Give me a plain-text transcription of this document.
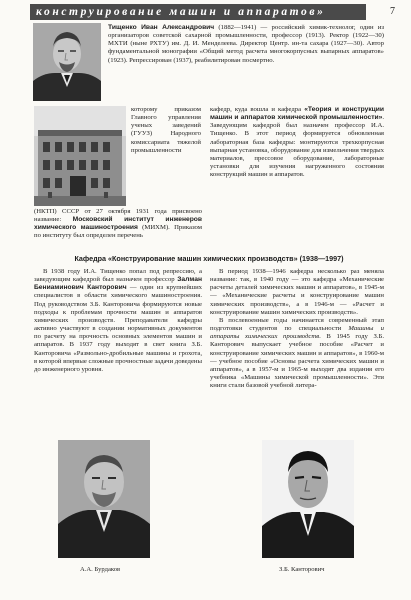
конструирование машин и аппаратов»	7

Тищенко Иван Александрович (1882—1941) — российский химик-технолог, один из организаторов советской сахарной промышленности, профессор (1913). Ректор (1922—30) МХТИ (ныне РХТУ) им. Д. И. Менделеева. Директор Центр. ин-та сахара (1927—30). Автор фундаментальной монографии «Общий метод расчета многокорпусных выпарных аппаратов» (1923). Репрессирован (1937), реабилитирован посмертно.

которому приказом Главного управления ученых заведений (ГУУЗ) Народного комиссариата тяжелой промышленности

(НКТП) СССР от 27 октября 1931 года присвоено название: Московский институт инженеров химического машиностроения (МИХМ). Приказом по институту был определен перечень

кафедр, куда вошла и кафедра «Теория и конструкции машин и аппаратов химической промышленности». Заведующим кафедрой был назначен профессор И.А. Тищенко. В этот период формируется обновленная лабораторная база кафедры: монтируются трехкорпусная выпарная установка, оборудование для измельчения твердых материалов, прессовое оборудование, лабораторные установки для изучения нагруженного состояния конструкций машин и аппаратов.

Кафедра «Конструирование машин химических производств» (1938—1997)

В 1938 году И.А. Тищенко попал под репрессию, а заведующим кафедрой был назначен профессор Залман Бениаминович Канторович — один из крупнейших специалистов в области химического машиностроения. Под руководством З.Б. Канторовича формируются новые подходы к проблемам прочности машин и аппаратов химических производств. Преподаватели кафедры активно участвуют в создании нормативных документов по расчету на прочность основных элементов машин и аппаратов. В 1937 году выходят в свет книга З.Б. Канторовича «Размольно-дробильные машины и грохота, в которой впервые сложные прочностные задачи доведены до инженерного уровня.

В период 1938—1946 кафедра несколько раз меняла название: так, в 1940 году — это кафедра «Механические расчеты деталей химических машин и аппаратов», в 1945-м — «Механические расчеты и конструирование машин химических производств», а в 1946-м — «Расчет и конструирование машин химических производств».

В послевоенные годы начинается современный этап подготовки студентов по специальности Машины и аппараты химических производств. В 1945 году З.Б. Канторович выпускает учебное пособие «Расчет и конструирование химических машин и аппаратов», в 1960-м — учебное пособие «Основы расчета химических машин и аппаратов», а в 1957-м и 1965-м выходят два издания его учебника «Машины химической промышленности». Эти книги стали базовой учебной литера-

А.А. Бурдаков	З.Б. Канторович
